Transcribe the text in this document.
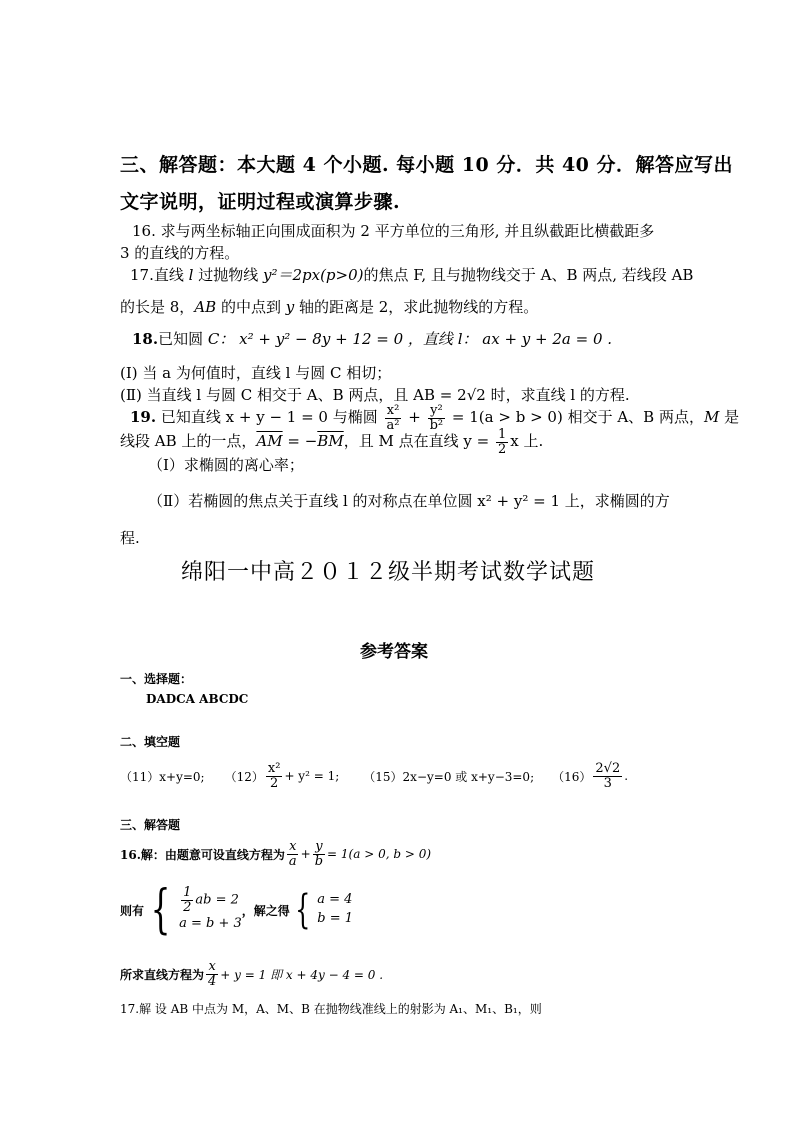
三、解答题：本大题 4 个小题. 每小题 10 分．共 40 分．解答应写出
文字说明，证明过程或演算步骤.
16. 求与两坐标轴正向围成面积为 2 平方单位的三角形, 并且纵截距比横截距多
3 的直线的方程。
17.直线 l 过抛物线 y²＝2px(p>0)的焦点 F, 且与抛物线交于 A、B 两点, 若线段 AB
的长是 8，AB 的中点到 y 轴的距离是 2，求此抛物线的方程。
18.已知圆 C： x² + y² − 8y + 12 = 0 ，直线 l： ax + y + 2a = 0 .
(I) 当 a 为何值时，直线 l 与圆 C 相切；
(Ⅱ) 当直线 l 与圆 C 相交于 A、B 两点，且 AB = 2√2 时，求直线 l 的方程.
19. 已知直线 x + y − 1 = 0 与椭圆 $\frac{\text{x²}}{\text{a²}} + \frac{\text{y²}}{\text{b²}} = 1(a > b > 0)$ 相交于 A、B 两点，M 是
线段 AB 上的一点，$\overline{AM} = -\overline{BM}$，且 M 点在直线 $y = \frac{1}{2}$ x 上.
（Ⅰ）求椭圆的离心率；
（Ⅱ）若椭圆的焦点关于直线 l 的对称点在单位圆 x² + y² = 1 上，求椭圆的方
程.
绵阳一中高２０１２级半期考试数学试题
参考答案
一、选择题：
DADCA ABCDC
二、填空题
（11）x+y=0; $(12) \frac{\text{x²}}{2} + y^2 = 1$; （15）2x−y=0 或 x+y−3=0; $(16) \frac{2√2}{3}$ .
三、解答题
16.解：由题意可设直线方程为 $\frac{x}{a} + \frac{y}{b} = 1(a > 0$, b > 0)
则有 { $\frac{1}{2}$ ab = 2
a = b + 3
，解之得 { a = 4
b = 1
所求直线方程为 $\frac{x}{4} + y = 1$ 即 x + 4y − 4 = 0 .
17.解 设 AB 中点为 M，A、M、B 在抛物线准线上的射影为 A₁、M₁、B₁，则
